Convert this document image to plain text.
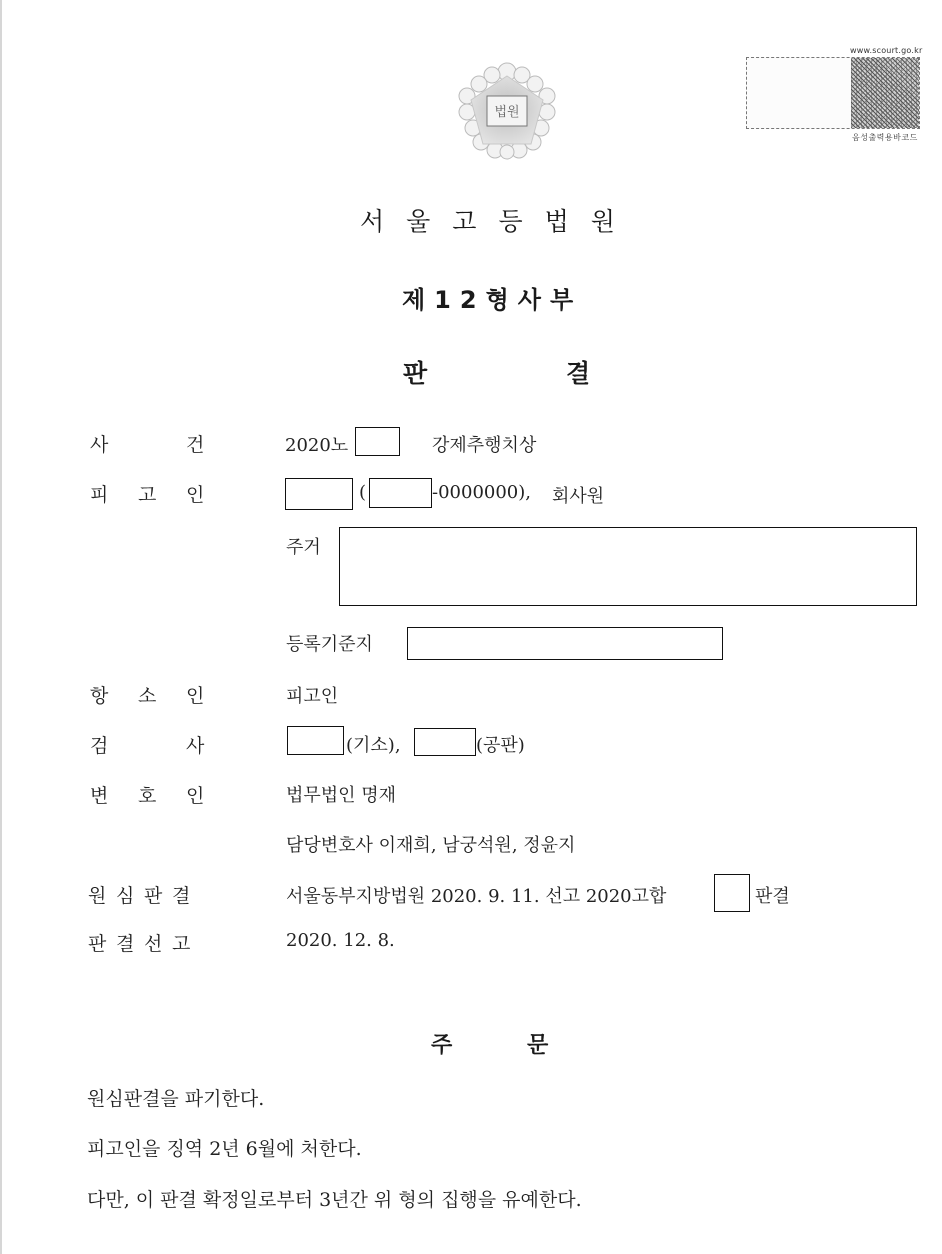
법원
www.scourt.go.kr
음성출력용바코드
서울고등법원
제12형사부
판	결
사	건	2020노	강제추행치상
피 고 인	(	-0000000), 회사원
주거
등록기준지
항 소 인	피고인
검	사	(기소),	(공판)
변 호 인	법무법인 명재
담당변호사 이재희, 남궁석원, 정윤지
원 심 판 결	서울동부지방법원 2020. 9. 11. 선고 2020고합	판결
판 결 선 고	2020. 12. 8.
주	문
원심판결을 파기한다.
피고인을 징역 2년 6월에 처한다.
다만, 이 판결 확정일로부터 3년간 위 형의 집행을 유예한다.
